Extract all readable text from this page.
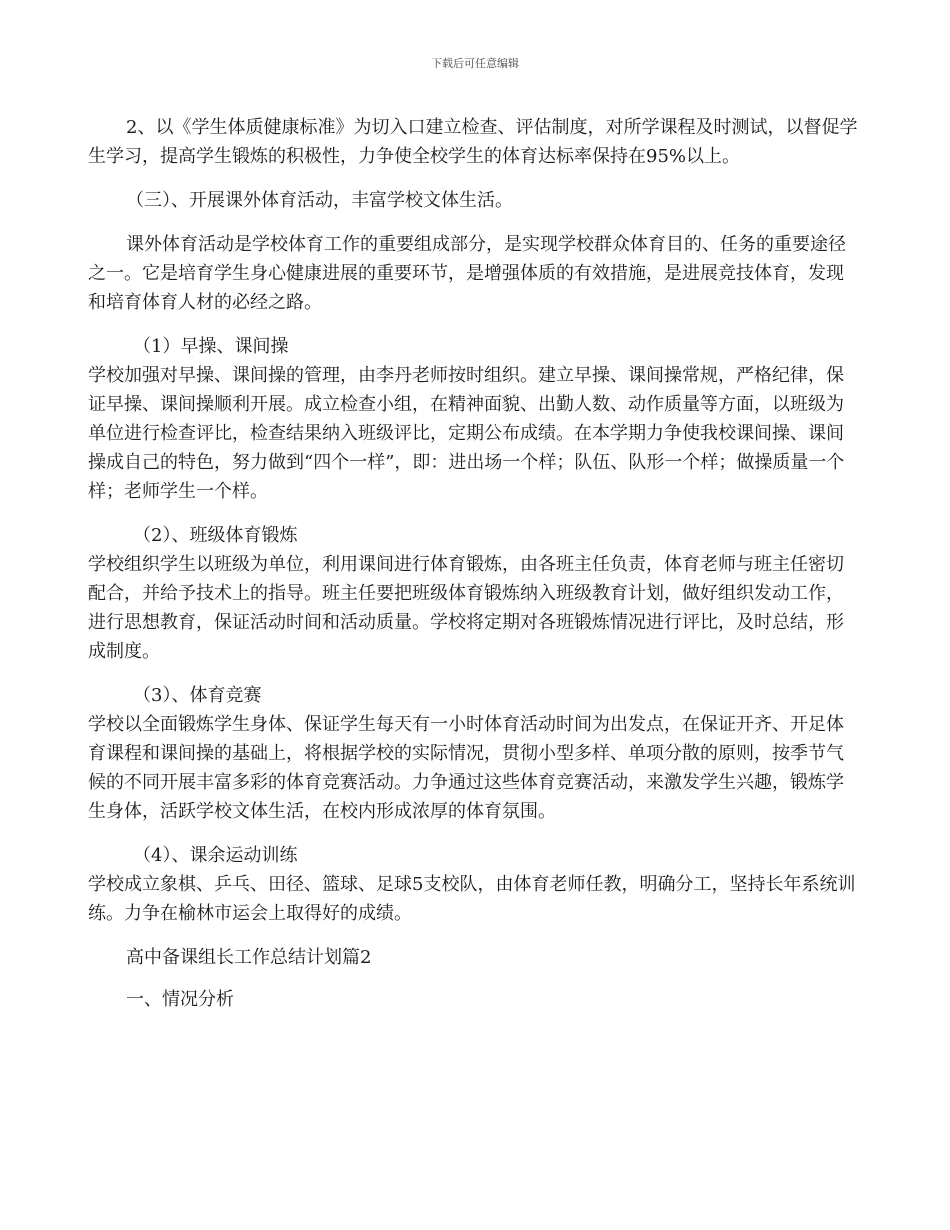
下载后可任意编辑

2、以《学生体质健康标准》为切入口建立检查、评估制度，对所学课程及时测试，以督促学生学习，提高学生锻炼的积极性，力争使全校学生的体育达标率保持在95%以上。

（三）、开展课外体育活动，丰富学校文体生活。

课外体育活动是学校体育工作的重要组成部分，是实现学校群众体育目的、任务的重要途径之一。它是培育学生身心健康进展的重要环节，是增强体质的有效措施，是进展竞技体育，发现和培育体育人材的必经之路。

（1）早操、课间操

学校加强对早操、课间操的管理，由李丹老师按时组织。建立早操、课间操常规，严格纪律，保证早操、课间操顺利开展。成立检查小组，在精神面貌、出勤人数、动作质量等方面，以班级为单位进行检查评比，检查结果纳入班级评比，定期公布成绩。在本学期力争使我校课间操、课间操成自己的特色，努力做到“四个一样”，即：进出场一个样；队伍、队形一个样；做操质量一个样；老师学生一个样。

（2）、班级体育锻炼

学校组织学生以班级为单位，利用课间进行体育锻炼，由各班主任负责，体育老师与班主任密切配合，并给予技术上的指导。班主任要把班级体育锻炼纳入班级教育计划，做好组织发动工作，进行思想教育，保证活动时间和活动质量。学校将定期对各班锻炼情况进行评比，及时总结，形成制度。

（3）、体育竞赛

学校以全面锻炼学生身体、保证学生每天有一小时体育活动时间为出发点，在保证开齐、开足体育课程和课间操的基础上，将根据学校的实际情况，贯彻小型多样、单项分散的原则，按季节气候的不同开展丰富多彩的体育竞赛活动。力争通过这些体育竞赛活动，来激发学生兴趣，锻炼学生身体，活跃学校文体生活，在校内形成浓厚的体育氛围。

（4）、课余运动训练

学校成立象棋、乒乓、田径、篮球、足球5支校队，由体育老师任教，明确分工，坚持长年系统训练。力争在榆林市运会上取得好的成绩。

高中备课组长工作总结计划篇2

一、情况分析
